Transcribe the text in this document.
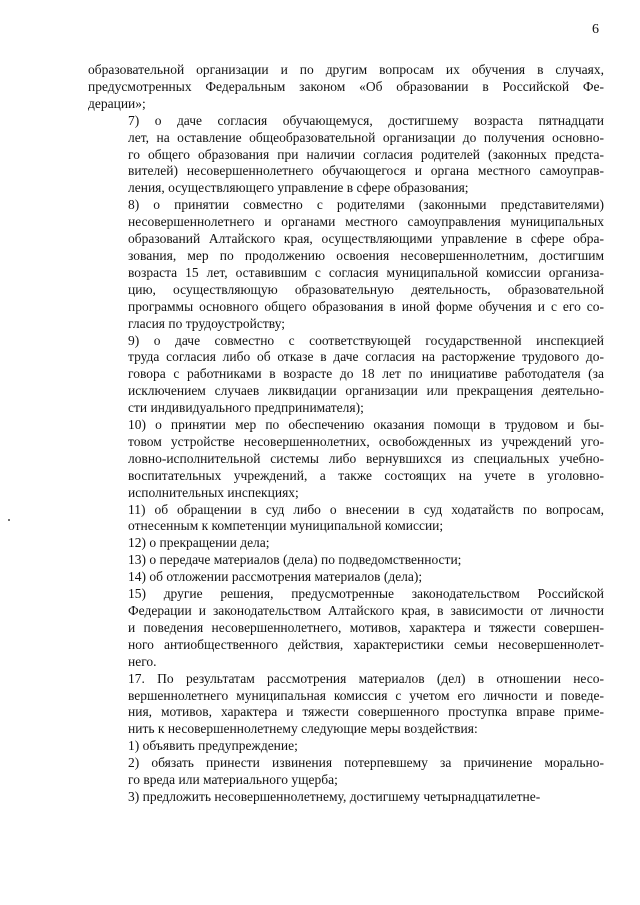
6
образовательной организации и по другим вопросам их обучения в случаях,
предусмотренных Федеральным законом «Об образовании в Российской Фе-
дерации»;
7) о даче согласия обучающемуся, достигшему возраста пятнадцати
лет, на оставление общеобразовательной организации до получения основно-
го общего образования при наличии согласия родителей (законных предста-
вителей) несовершеннолетнего обучающегося и органа местного самоуправ-
ления, осуществляющего управление в сфере образования;
8) о принятии совместно с родителями (законными представителями)
несовершеннолетнего и органами местного самоуправления муниципальных
образований Алтайского края, осуществляющими управление в сфере обра-
зования, мер по продолжению освоения несовершеннолетним, достигшим
возраста 15 лет, оставившим с согласия муниципальной комиссии организа-
цию, осуществляющую образовательную деятельность, образовательной
программы основного общего образования в иной форме обучения и с его со-
гласия по трудоустройству;
9) о даче совместно с соответствующей государственной инспекцией
труда согласия либо об отказе в даче согласия на расторжение трудового до-
говора с работниками в возрасте до 18 лет по инициативе работодателя (за
исключением случаев ликвидации организации или прекращения деятельно-
сти индивидуального предпринимателя);
10) о принятии мер по обеспечению оказания помощи в трудовом и бы-
товом устройстве несовершеннолетних, освобожденных из учреждений уго-
ловно-исполнительной системы либо вернувшихся из специальных учебно-
воспитательных учреждений, а также состоящих на учете в уголовно-
исполнительных инспекциях;
11) об обращении в суд либо о внесении в суд ходатайств по вопросам,
отнесенным к компетенции муниципальной комиссии;
12) о прекращении дела;
13) о передаче материалов (дела) по подведомственности;
14) об отложении рассмотрения материалов (дела);
15) другие решения, предусмотренные законодательством Российской
Федерации и законодательством Алтайского края, в зависимости от личности
и поведения несовершеннолетнего, мотивов, характера и тяжести совершен-
ного антиобщественного действия, характеристики семьи несовершеннолет-
него.
17. По результатам рассмотрения материалов (дел) в отношении несо-
вершеннолетнего муниципальная комиссия с учетом его личности и поведе-
ния, мотивов, характера и тяжести совершенного проступка вправе приме-
нить к несовершеннолетнему следующие меры воздействия:
1) объявить предупреждение;
2) обязать принести извинения потерпевшему за причинение морально-
го вреда или материального ущерба;
3) предложить несовершеннолетнему, достигшему четырнадцатилетне-
